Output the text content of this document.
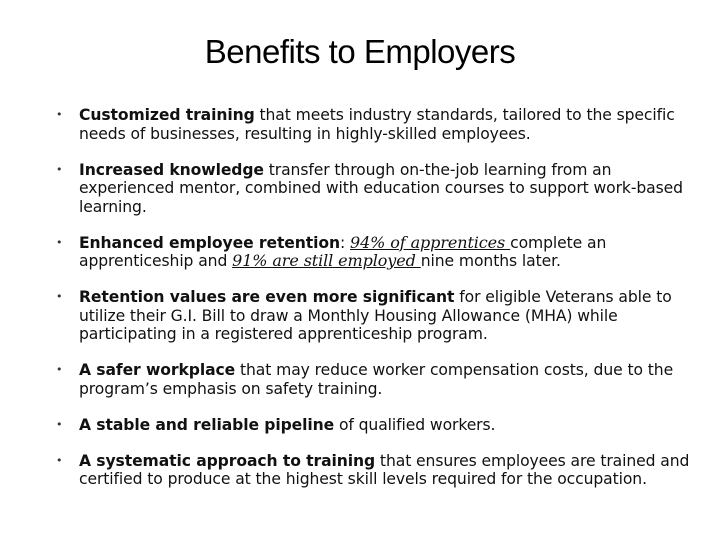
Benefits to Employers
• Customized training that meets industry standards, tailored to the specific needs of businesses, resulting in highly-skilled employees.
• Increased knowledge transfer through on-the-job learning from an experienced mentor, combined with education courses to support work-based learning.
• Enhanced employee retention: 94% of apprentices complete an apprenticeship and 91% are still employed nine months later.
• Retention values are even more significant for eligible Veterans able to utilize their G.I. Bill to draw a Monthly Housing Allowance (MHA) while participating in a registered apprenticeship program.
• A safer workplace that may reduce worker compensation costs, due to the program’s emphasis on safety training.
• A stable and reliable pipeline of qualified workers.
• A systematic approach to training that ensures employees are trained and certified to produce at the highest skill levels required for the occupation.
